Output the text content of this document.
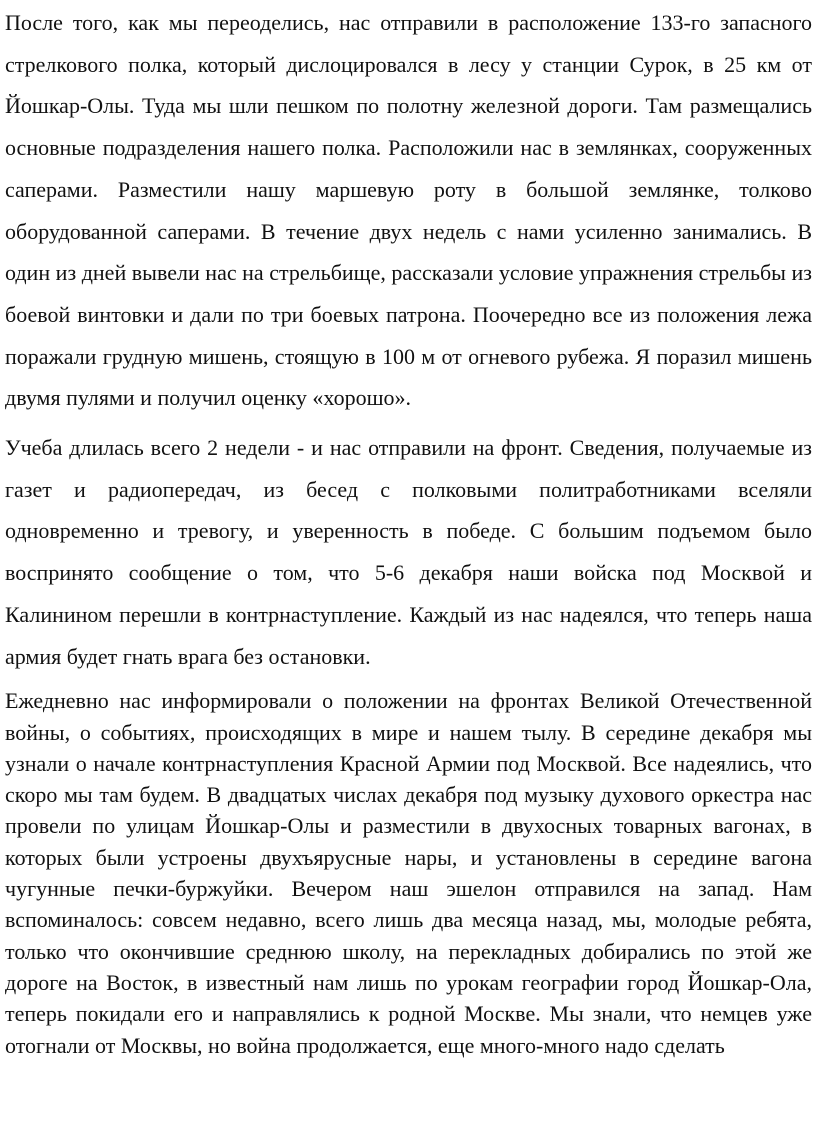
После того, как мы переоделись, нас отправили в расположение 133-го запасного стрелкового полка, который дислоцировался в лесу у станции Сурок, в 25 км от Йошкар-Олы. Туда мы шли пешком по полотну железной дороги. Там размещались основные подразделения нашего полка. Расположили нас в землянках, сооруженных саперами. Разместили нашу маршевую роту в большой землянке, толково оборудованной саперами. В течение двух недель с нами усиленно занимались. В один из дней вывели нас на стрельбище, рассказали условие упражнения стрельбы из боевой винтовки и дали по три боевых патрона. Поочередно все из положения лежа поражали грудную мишень, стоящую в 100 м от огневого рубежа. Я поразил мишень двумя пулями и получил оценку «хорошо».

Учеба длилась всего 2 недели - и нас отправили на фронт. Сведения, получаемые из газет и радиопередач, из бесед с полковыми политработниками вселяли одновременно и тревогу, и уверенность в победе. С большим подъемом было воспринято сообщение о том, что 5-6 декабря наши войска под Москвой и Калинином перешли в контрнаступление. Каждый из нас надеялся, что теперь наша армия будет гнать врага без остановки.

Ежедневно нас информировали о положении на фронтах Великой Отечественной войны, о событиях, происходящих в мире и нашем тылу. В середине декабря мы узнали о начале контрнаступления Красной Армии под Москвой. Все надеялись, что скоро мы там будем. В двадцатых числах декабря под музыку духового оркестра нас провели по улицам Йошкар-Олы и разместили в двухосных товарных вагонах, в которых были устроены двухъярусные нары, и установлены в середине вагона чугунные печки-буржуйки. Вечером наш эшелон отправился на запад. Нам вспоминалось: совсем недавно, всего лишь два месяца назад, мы, молодые ребята, только что окончившие среднюю школу, на перекладных добирались по этой же дороге на Восток, в известный нам лишь по урокам географии город Йошкар-Ола, теперь покидали его и направлялись к родной Москве. Мы знали, что немцев уже отогнали от Москвы, но война продолжается, еще много-много надо сделать
